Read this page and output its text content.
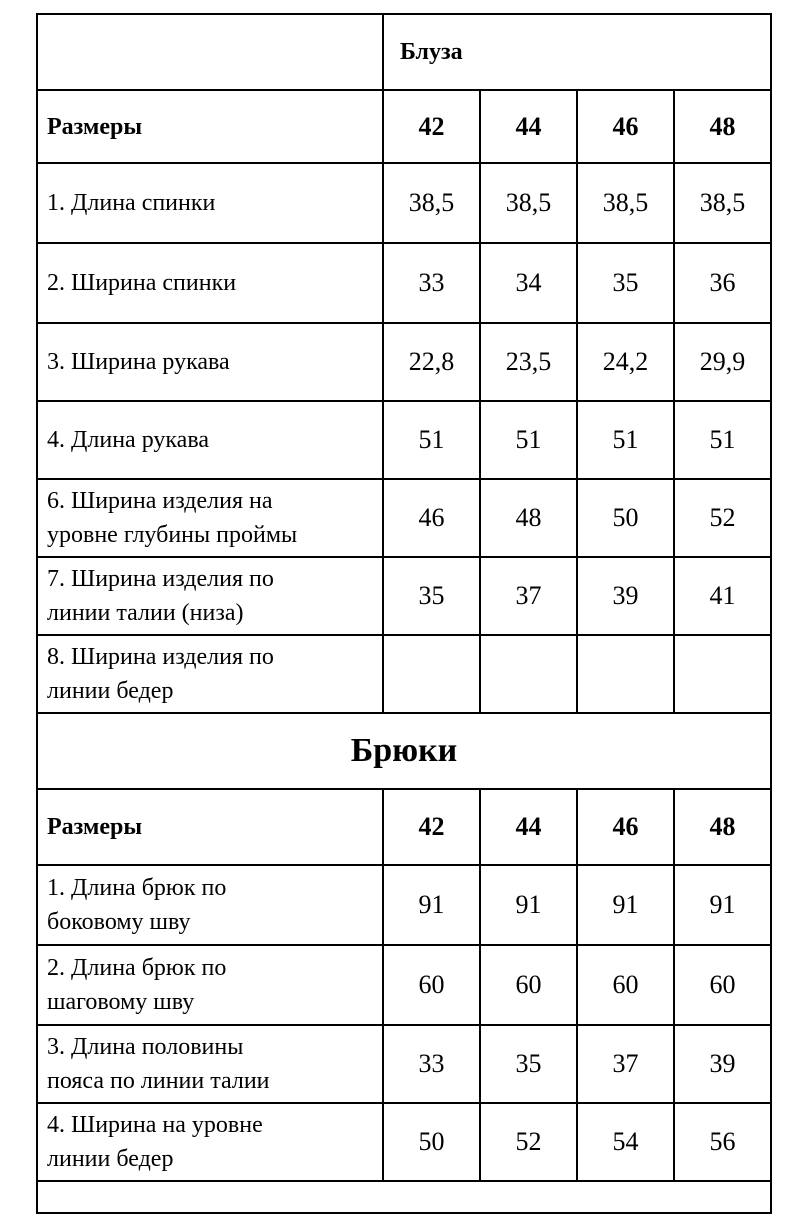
	Блуза			
Размеры	42	44	46	48
1. Длина спинки	38,5	38,5	38,5	38,5
2. Ширина спинки	33	34	35	36
3. Ширина рукава	22,8	23,5	24,2	29,9
4. Длина рукава	51	51	51	51

6. Ширина изделия на
уровне глубины проймы	46	48	50	52

7. Ширина изделия по
линии талии (низа)	35	37	39	41

8. Ширина изделия по
линии бедер				

Брюки				
Размеры	42	44	46	48

1. Длина брюк по
боковому шву	91	91	91	91

2. Длина брюк по
шаговому шву	60	60	60	60

3. Длина половины
пояса по линии талии	33	35	37	39

4. Ширина на уровне
линии бедер	50	52	54	56
